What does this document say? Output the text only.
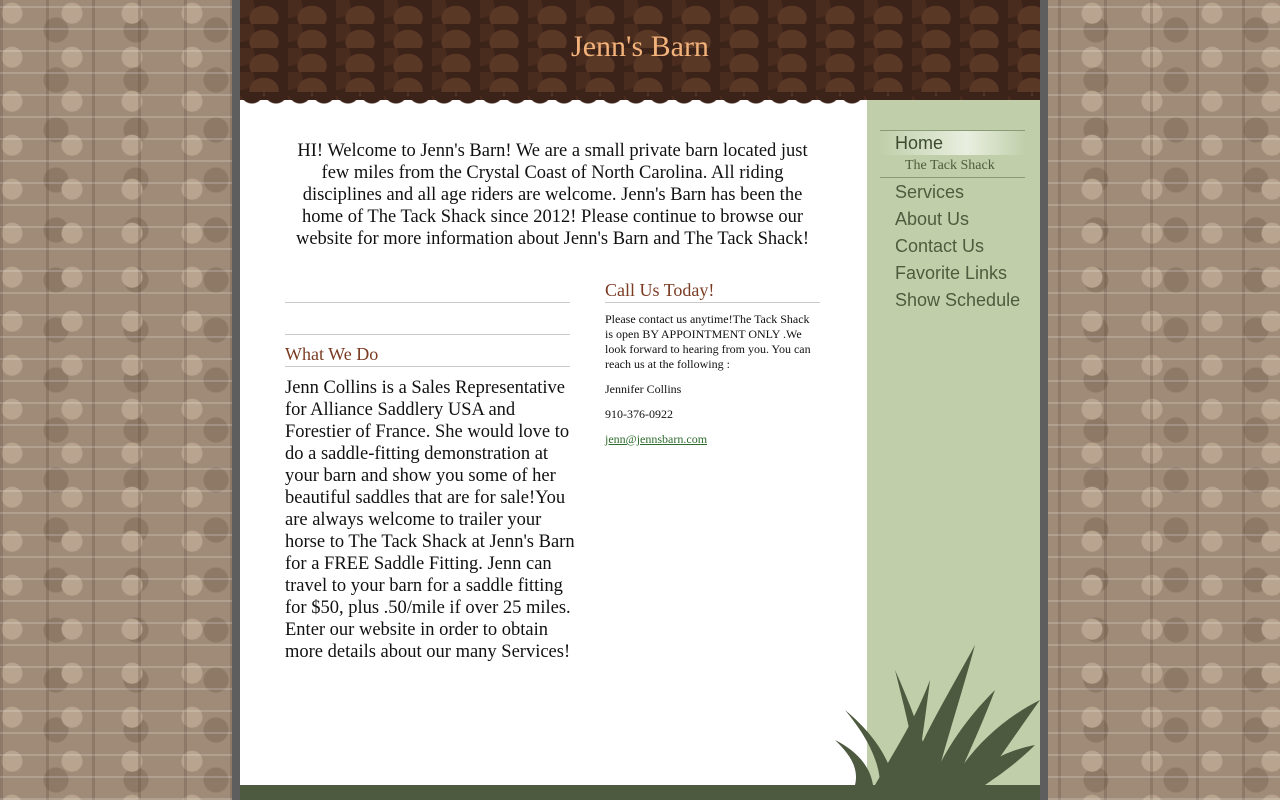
Jenn's Barn
Home
The Tack Shack
Services
About Us
Contact Us
Favorite Links
Show Schedule
HI! Welcome to Jenn's Barn! We are a small private barn located just few miles from the Crystal Coast of North Carolina. All riding disciplines and all age riders are welcome. Jenn's Barn has been the home of The Tack Shack since 2012! Please continue to browse our website for more information about Jenn's Barn and The Tack Shack!
What We Do
Jenn Collins is a Sales Representative for Alliance Saddlery USA and Forestier of France. She would love to do a saddle-fitting demonstration at your barn and show you some of her beautiful saddles that are for sale!You are always welcome to trailer your horse to The Tack Shack at Jenn's Barn for a FREE Saddle Fitting. Jenn can travel to your barn for a saddle fitting for $50, plus .50/mile if over 25 miles. Enter our website in order to obtain more details about our many Services!
Call Us Today!

Please contact us anytime!The Tack Shack is open BY APPOINTMENT ONLY .We look forward to hearing from you. You can reach us at the following :

Jennifer Collins

910-376-0922

jenn@jennsbarn.com
